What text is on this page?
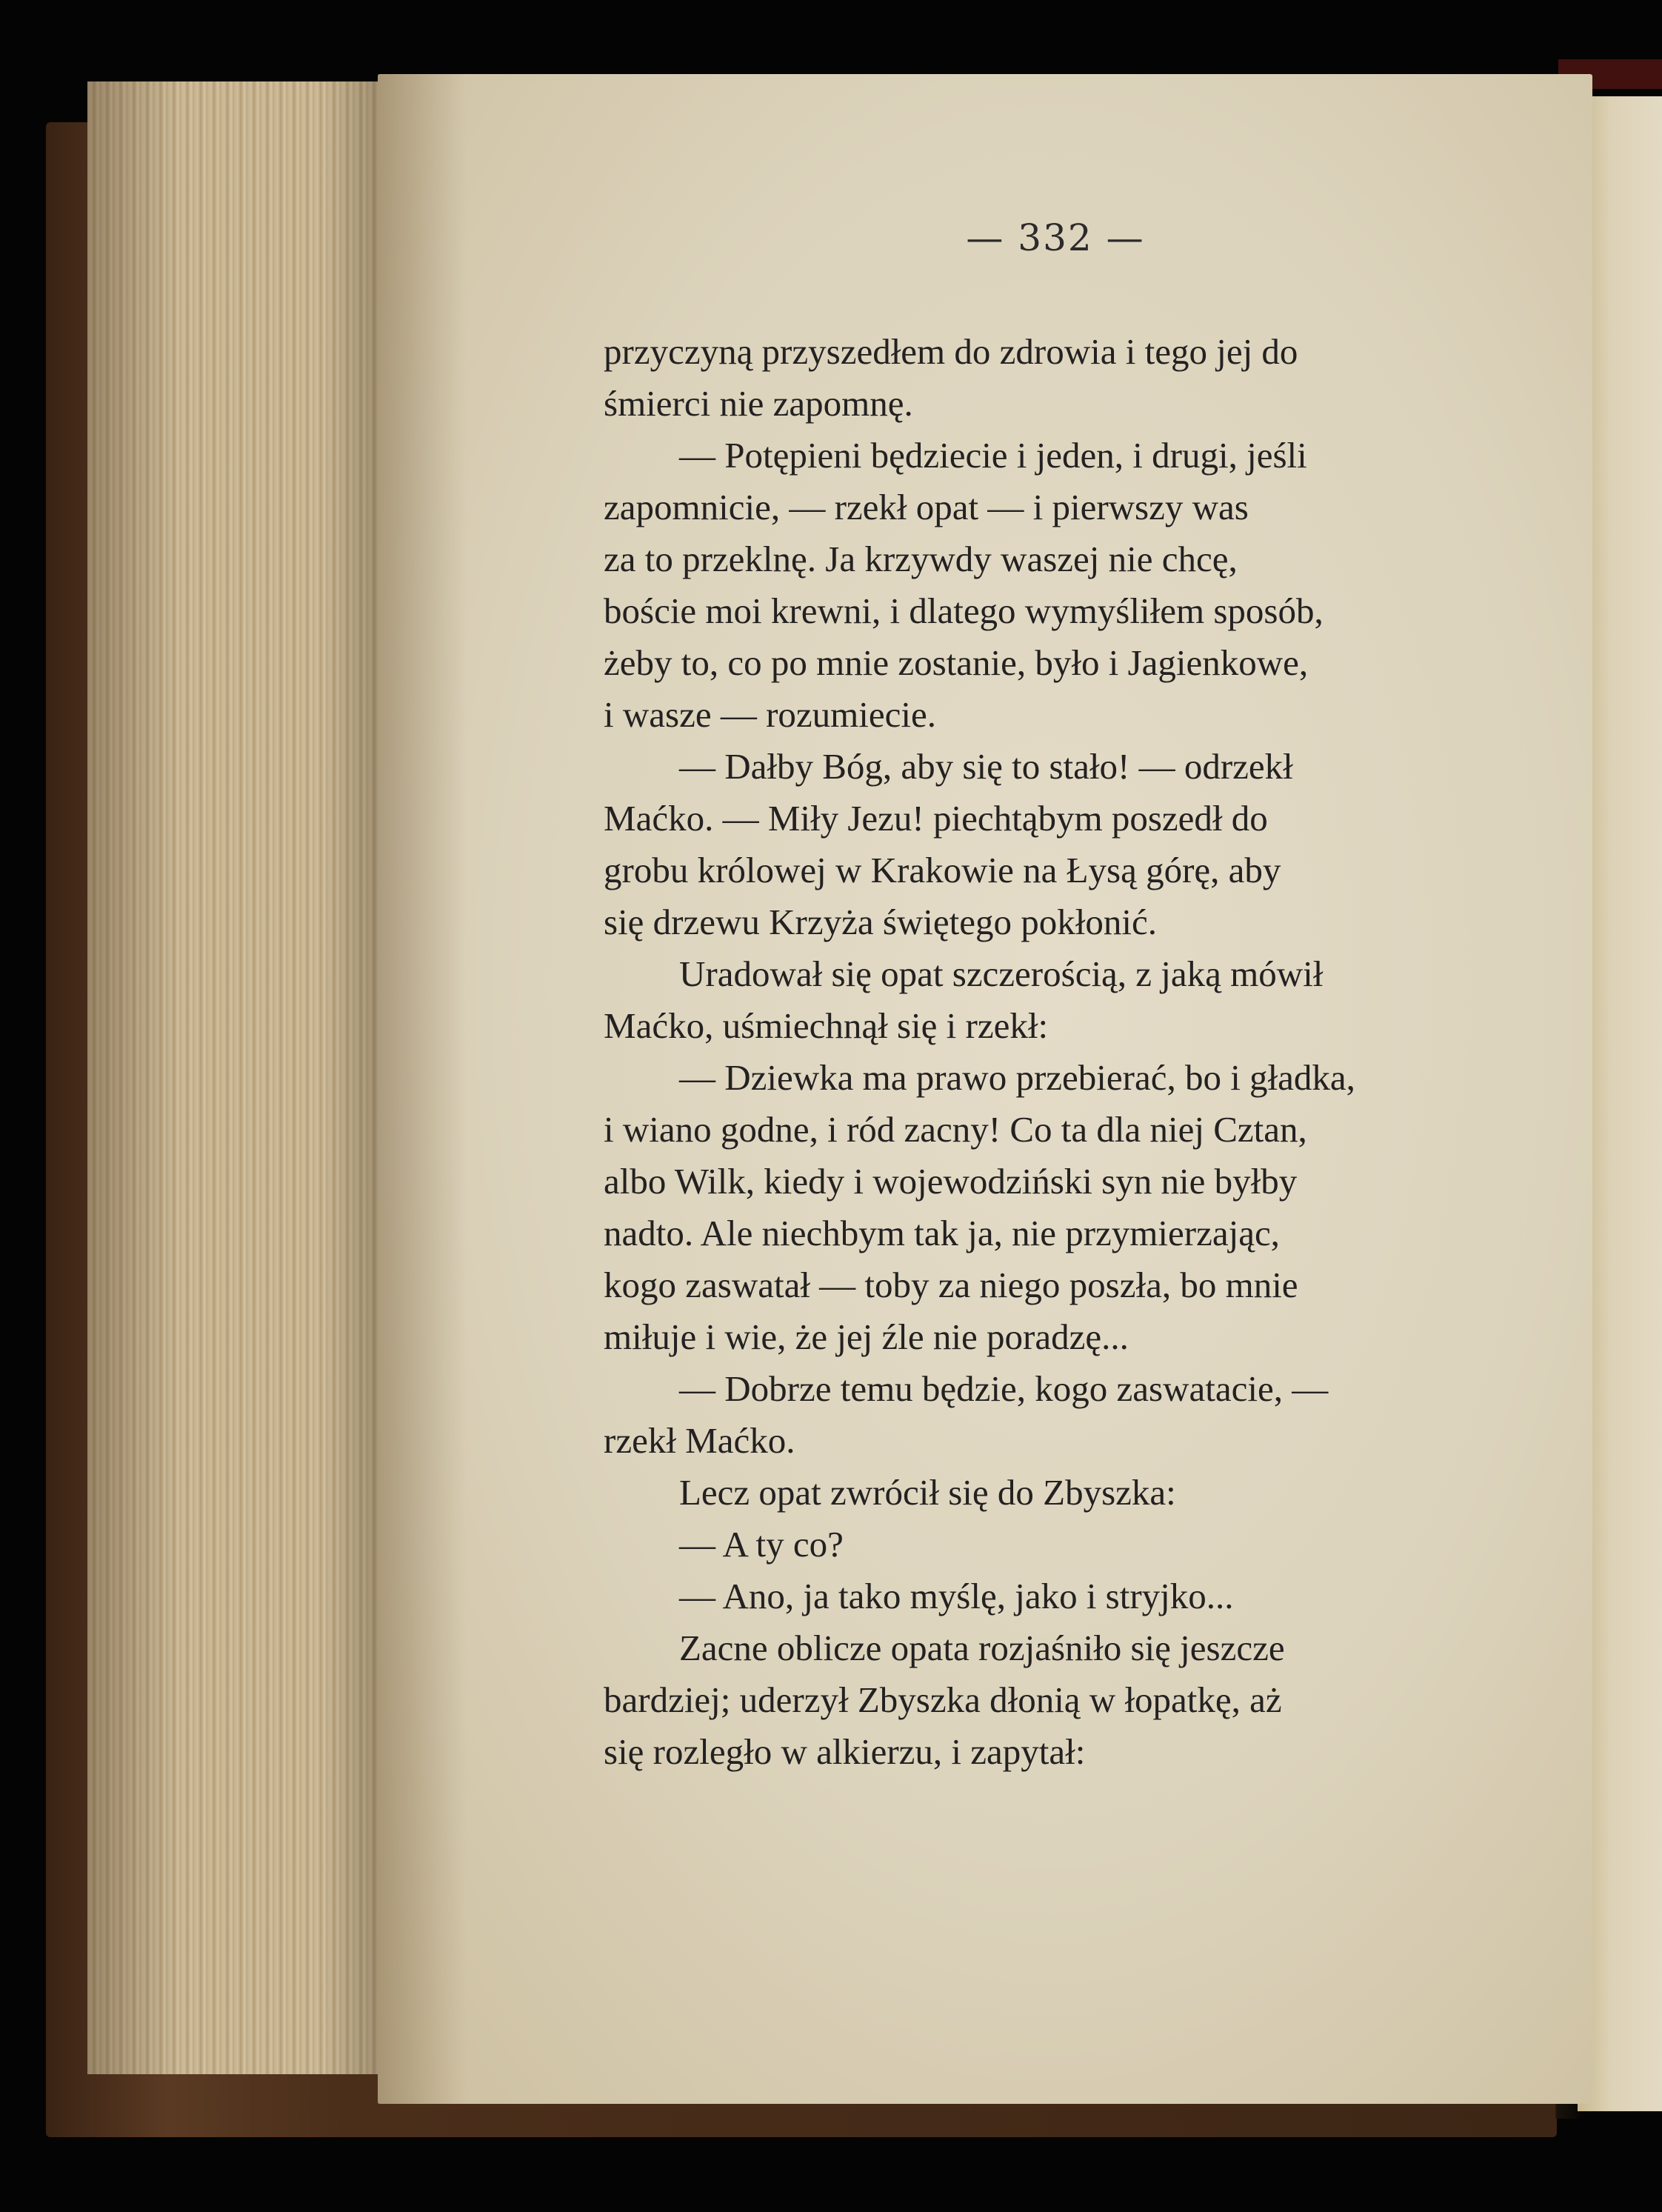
— 332 —
przyczyną przyszedłem do zdrowia i tego jej do
śmierci nie zapomnę.
— Potępieni będziecie i jeden, i drugi, jeśli
zapomnicie, — rzekł opat — i pierwszy was
za to przeklnę. Ja krzywdy waszej nie chcę,
boście moi krewni, i dlatego wymyśliłem sposób,
żeby to, co po mnie zostanie, było i Jagienkowe,
i wasze — rozumiecie.
— Dałby Bóg, aby się to stało! — odrzekł
Maćko. — Miły Jezu! piechtąbym poszedł do
grobu królowej w Krakowie na Łysą górę, aby
się drzewu Krzyża świętego pokłonić.
Uradował się opat szczerością, z jaką mówił
Maćko, uśmiechnął się i rzekł:
— Dziewka ma prawo przebierać, bo i gładka,
i wiano godne, i ród zacny! Co ta dla niej Cztan,
albo Wilk, kiedy i wojewodziński syn nie byłby
nadto. Ale niechbym tak ja, nie przymierzając,
kogo zaswatał — toby za niego poszła, bo mnie
miłuje i wie, że jej źle nie poradzę...
— Dobrze temu będzie, kogo zaswatacie, —
rzekł Maćko.
Lecz opat zwrócił się do Zbyszka:
— A ty co?
— Ano, ja tako myślę, jako i stryjko...
Zacne oblicze opata rozjaśniło się jeszcze
bardziej; uderzył Zbyszka dłonią w łopatkę, aż
się rozległo w alkierzu, i zapytał:
